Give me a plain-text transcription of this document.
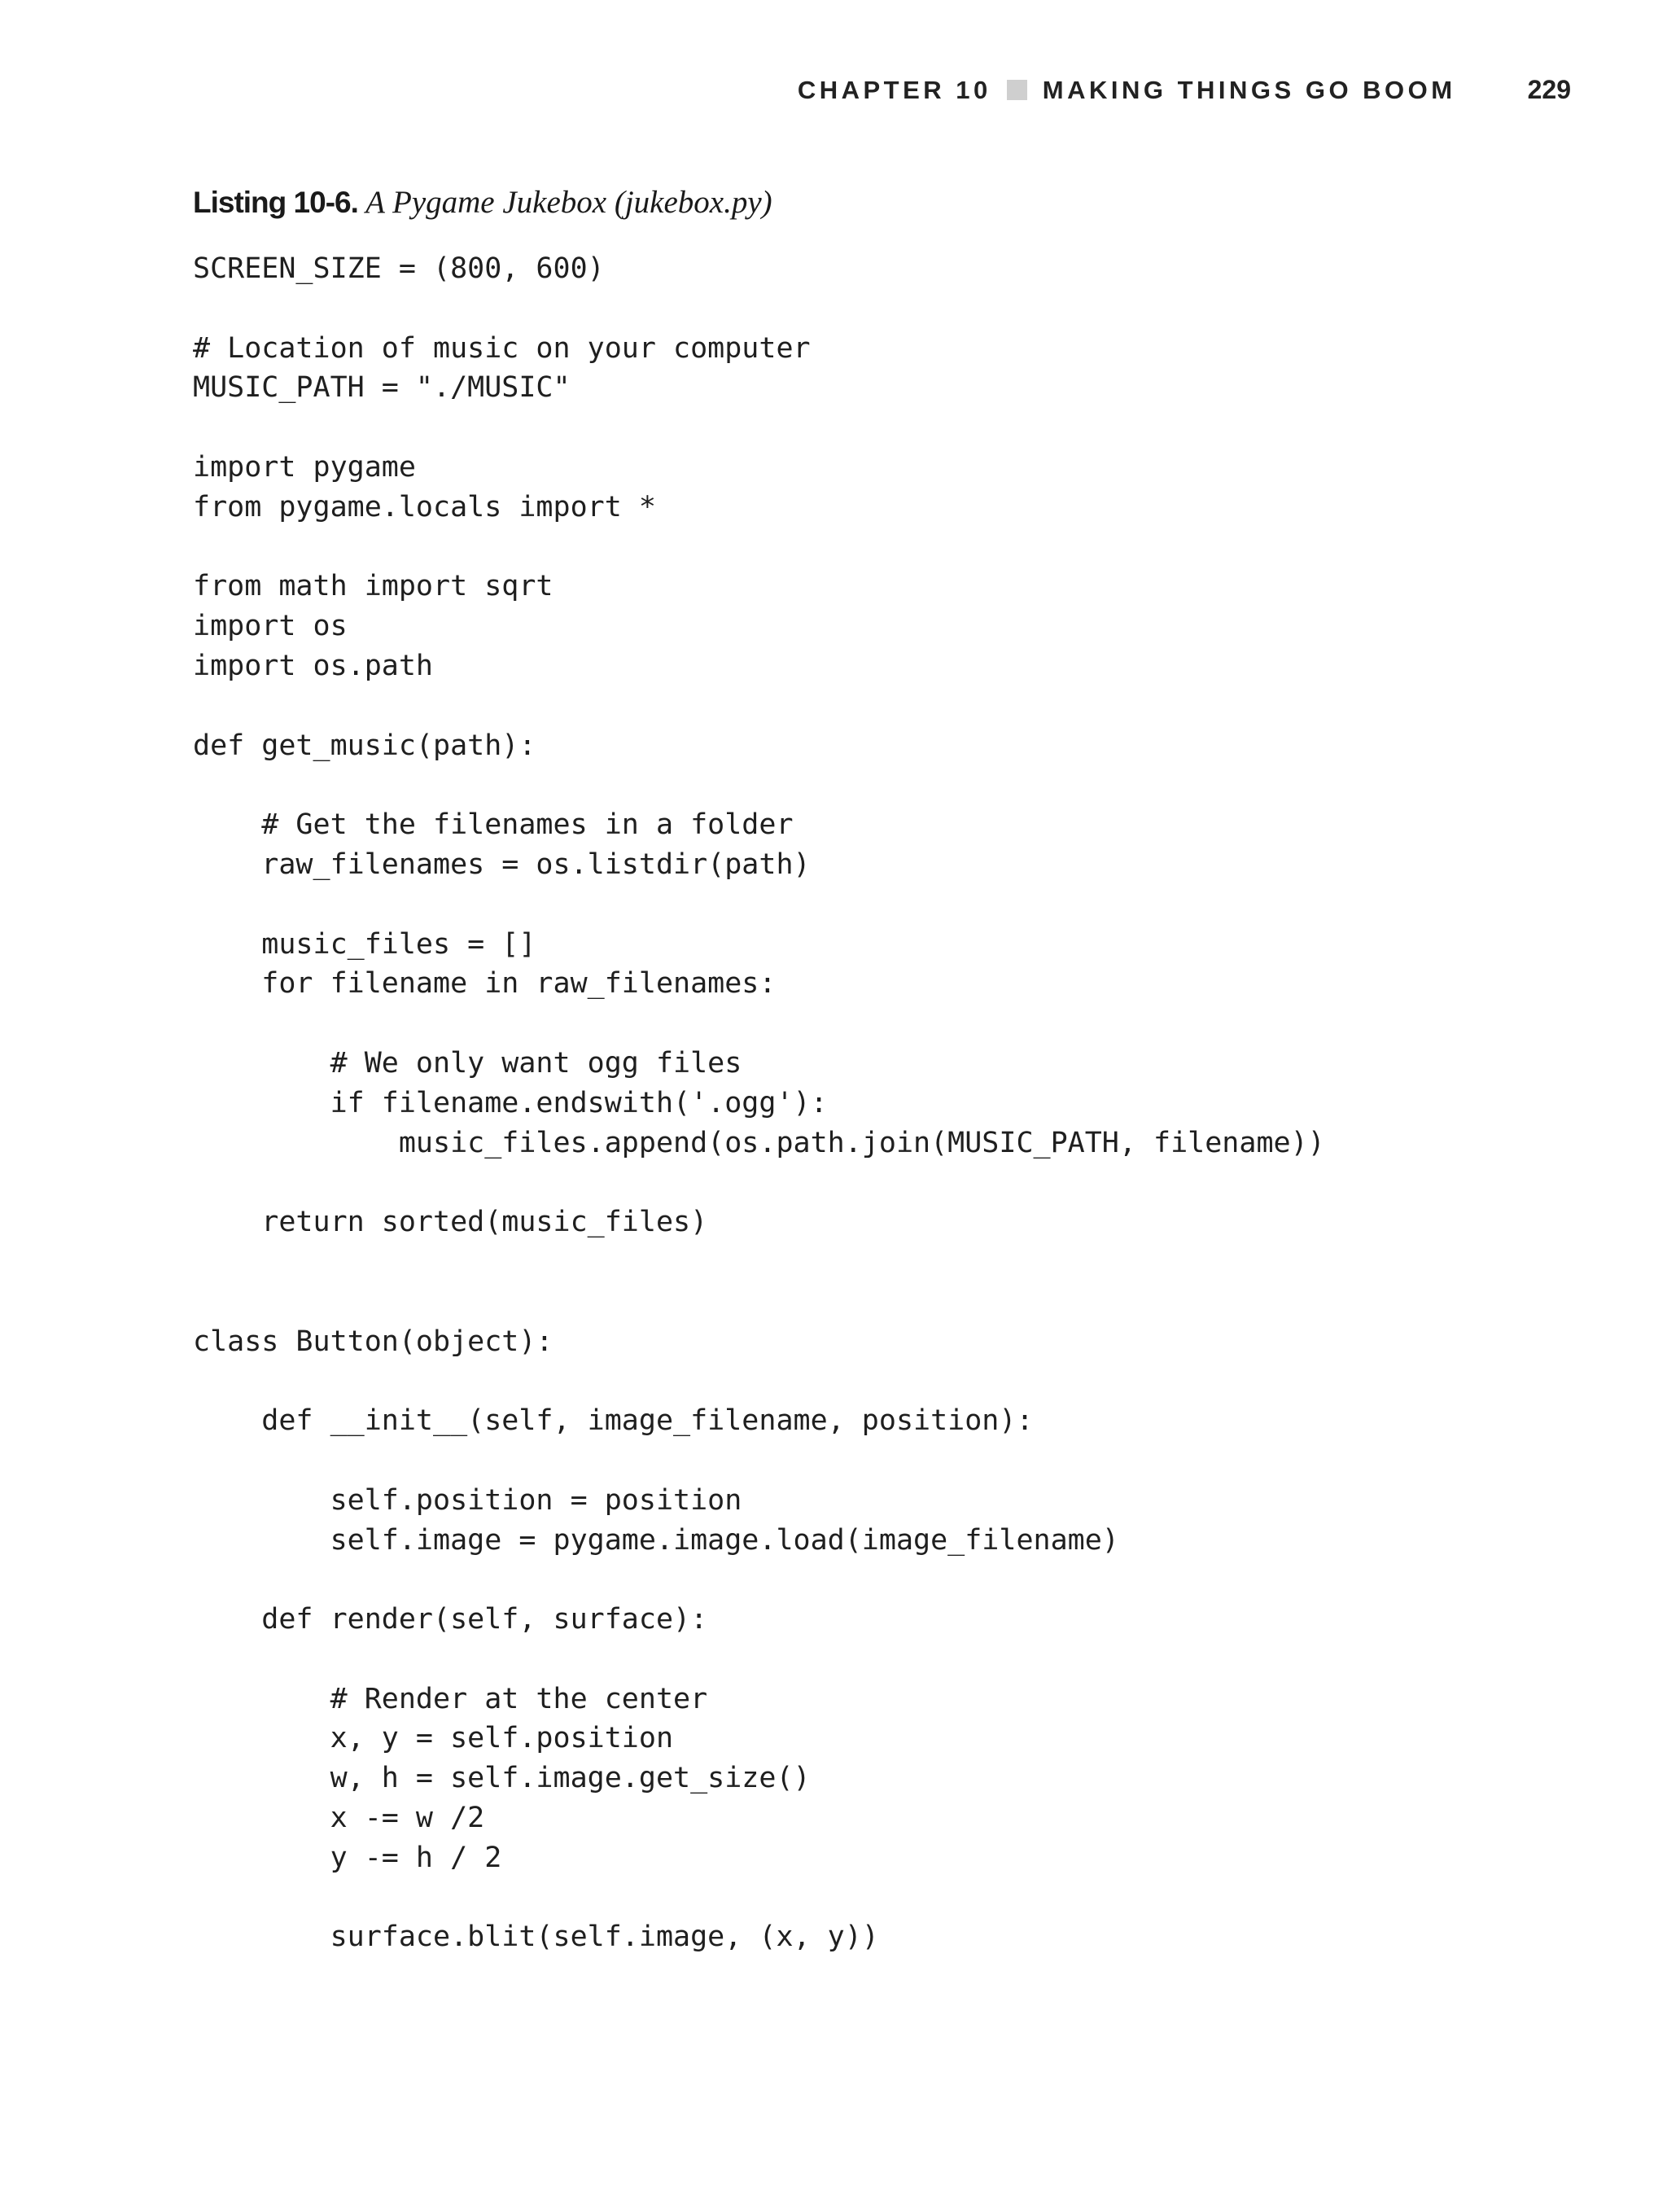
CHAPTER 10 MAKING THINGS GO BOOM	229
Listing 10-6. A Pygame Jukebox (jukebox.py)
SCREEN_SIZE = (800, 600)
# Location of music on your computer
MUSIC_PATH = "./MUSIC"
import pygame
from pygame.locals import *
from math import sqrt
import os
import os.path
def get_music(path):
# Get the filenames in a folder
raw_filenames = os.listdir(path)
music_files = []
for filename in raw_filenames:
# We only want ogg files
if filename.endswith('.ogg'):
music_files.append(os.path.join(MUSIC_PATH, filename))
return sorted(music_files)
class Button(object):
def __init__(self, image_filename, position):
self.position = position
self.image = pygame.image.load(image_filename)
def render(self, surface):
# Render at the center
x, y = self.position
w, h = self.image.get_size()
x -= w /2
y -= h / 2
surface.blit(self.image, (x, y))
